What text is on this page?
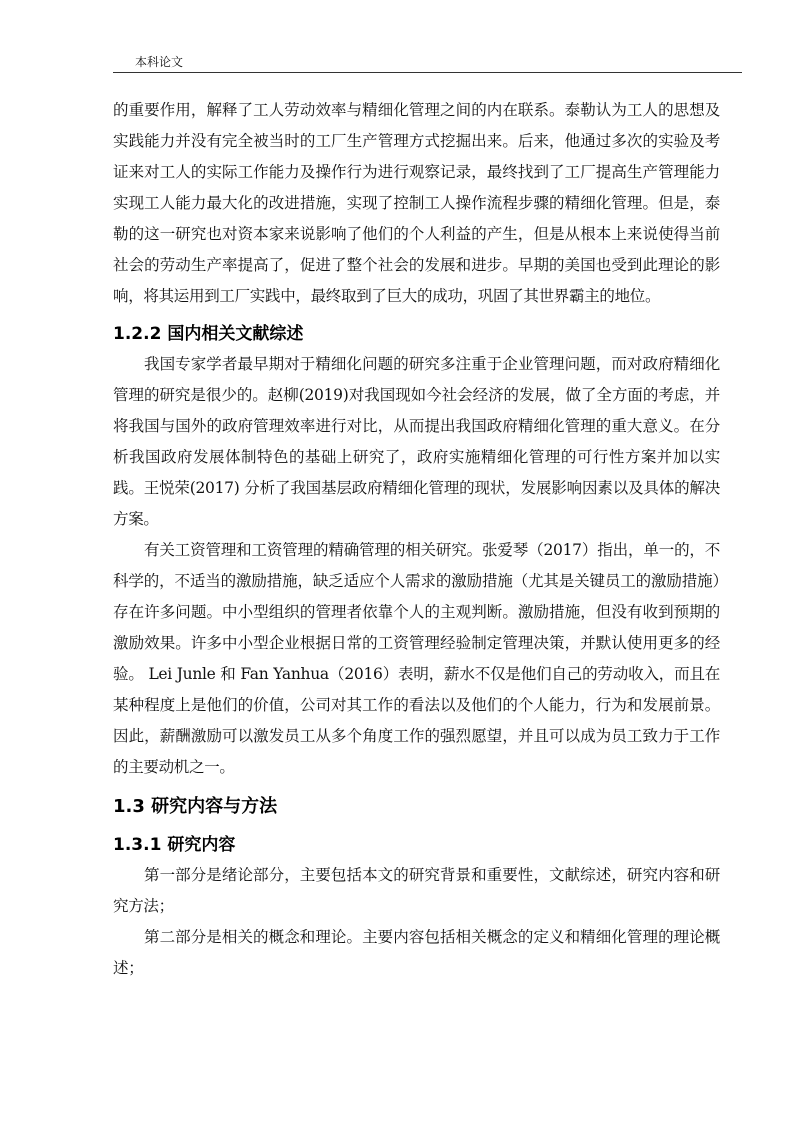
本科论文

的重要作用，解释了工人劳动效率与精细化管理之间的内在联系。泰勒认为工人的思想及实践能力并没有完全被当时的工厂生产管理方式挖掘出来。后来，他通过多次的实验及考证来对工人的实际工作能力及操作行为进行观察记录，最终找到了工厂提高生产管理能力实现工人能力最大化的改进措施，实现了控制工人操作流程步骤的精细化管理。但是，泰勒的这一研究也对资本家来说影响了他们的个人利益的产生，但是从根本上来说使得当前社会的劳动生产率提高了，促进了整个社会的发展和进步。早期的美国也受到此理论的影响，将其运用到工厂实践中，最终取到了巨大的成功，巩固了其世界霸主的地位。

1.2.2 国内相关文献综述

我国专家学者最早期对于精细化问题的研究多注重于企业管理问题，而对政府精细化管理的研究是很少的。赵柳(2019)对我国现如今社会经济的发展，做了全方面的考虑，并将我国与国外的政府管理效率进行对比，从而提出我国政府精细化管理的重大意义。在分析我国政府发展体制特色的基础上研究了，政府实施精细化管理的可行性方案并加以实践。王悦荣(2017) 分析了我国基层政府精细化管理的现状，发展影响因素以及具体的解决方案。

有关工资管理和工资管理的精确管理的相关研究。张爱琴（2017）指出，单一的，不科学的，不适当的激励措施，缺乏适应个人需求的激励措施（尤其是关键员工的激励措施）存在许多问题。中小型组织的管理者依靠个人的主观判断。激励措施，但没有收到预期的激励效果。许多中小型企业根据日常的工资管理经验制定管理决策，并默认使用更多的经验。 Lei Junle 和 Fan Yanhua（2016）表明，薪水不仅是他们自己的劳动收入，而且在某种程度上是他们的价值，公司对其工作的看法以及他们的个人能力，行为和发展前景。因此，薪酬激励可以激发员工从多个角度工作的强烈愿望，并且可以成为员工致力于工作的主要动机之一。

1.3 研究内容与方法
1.3.1 研究内容

第一部分是绪论部分，主要包括本文的研究背景和重要性，文献综述，研究内容和研究方法；

第二部分是相关的概念和理论。主要内容包括相关概念的定义和精细化管理的理论概述；
